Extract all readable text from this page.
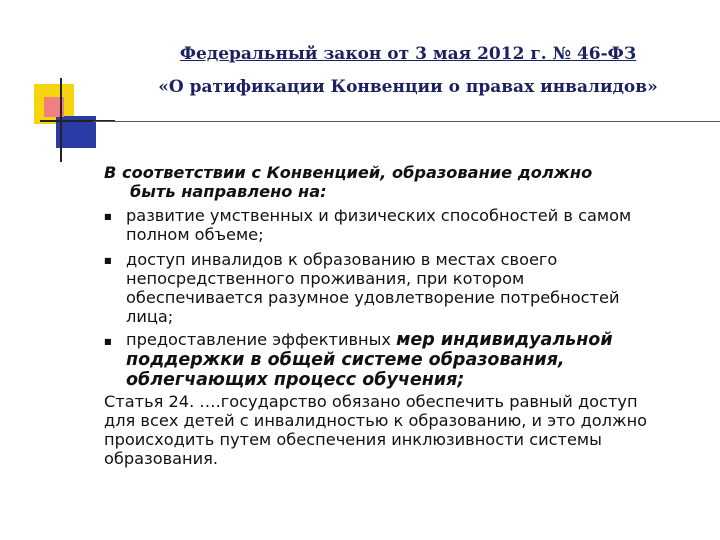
Федеральный закон от 3 мая 2012 г. № 46-ФЗ
«О ратификации Конвенции о правах инвалидов»
В соответствии с Конвенцией, образование должно
быть направлено на:
■ развитие умственных и физических способностей в самом
полном объеме;
■ доступ инвалидов к образованию в местах своего
непосредственного проживания, при котором
обеспечивается разумное удовлетворение потребностей
лица;
■ предоставление эффективных мер индивидуальной
поддержки в общей системе образования,
облегчающих процесс обучения;
Статья 24. ….государство обязано обеспечить равный доступ
для всех детей с инвалидностью к образованию, и это должно
происходить путем обеспечения инклюзивности системы
образования.
